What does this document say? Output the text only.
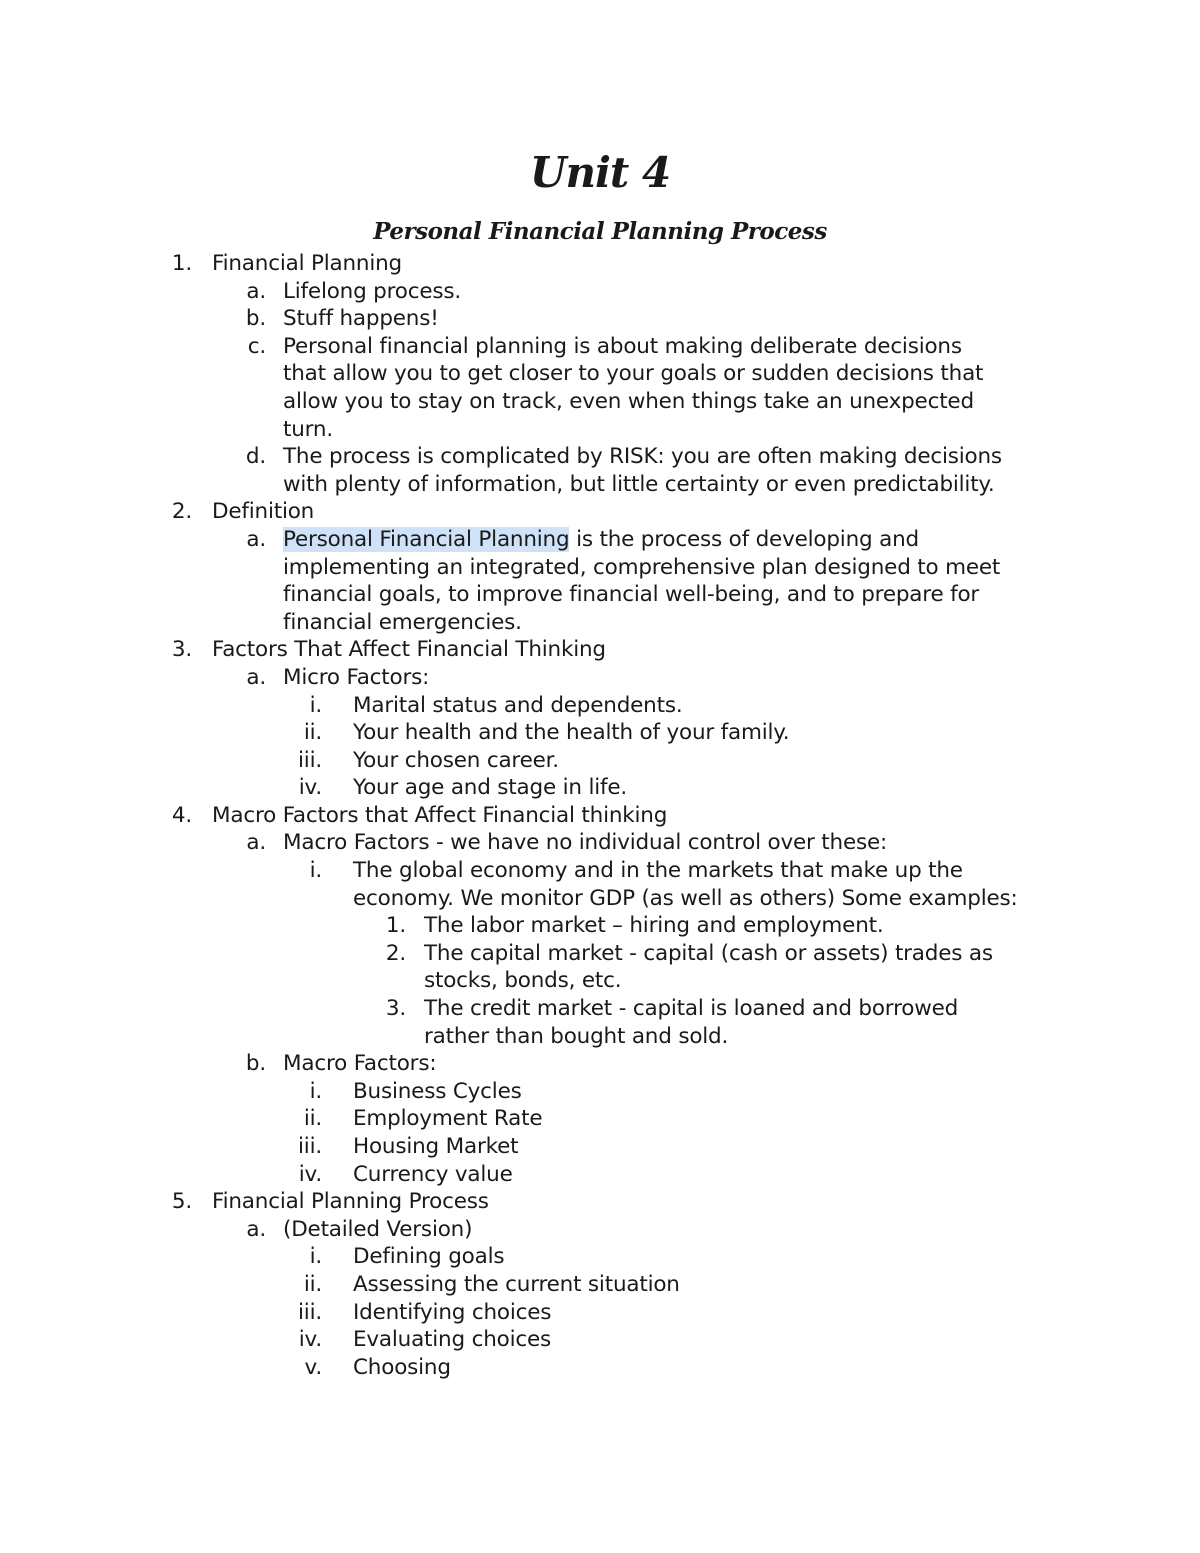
Unit 4
Personal Financial Planning Process
1. Financial Planning
a. Lifelong process.
b. Stuff happens!
c. Personal financial planning is about making deliberate decisions
that allow you to get closer to your goals or sudden decisions that
allow you to stay on track, even when things take an unexpected
turn.
d. The process is complicated by RISK: you are often making decisions
with plenty of information, but little certainty or even predictability.
2. Definition
a. Personal Financial Planning is the process of developing and
implementing an integrated, comprehensive plan designed to meet
financial goals, to improve financial well-being, and to prepare for
financial emergencies.
3. Factors That Affect Financial Thinking
a. Micro Factors:
i. Marital status and dependents.
ii. Your health and the health of your family.
iii. Your chosen career.
iv. Your age and stage in life.
4. Macro Factors that Affect Financial thinking
a. Macro Factors - we have no individual control over these:
i. The global economy and in the markets that make up the
economy. We monitor GDP (as well as others) Some examples:
1. The labor market – hiring and employment.
2. The capital market - capital (cash or assets) trades as
stocks, bonds, etc.
3. The credit market - capital is loaned and borrowed
rather than bought and sold.
b. Macro Factors:
i. Business Cycles
ii. Employment Rate
iii. Housing Market
iv. Currency value
5. Financial Planning Process
a. (Detailed Version)
i. Defining goals
ii. Assessing the current situation
iii. Identifying choices
iv. Evaluating choices
v. Choosing
